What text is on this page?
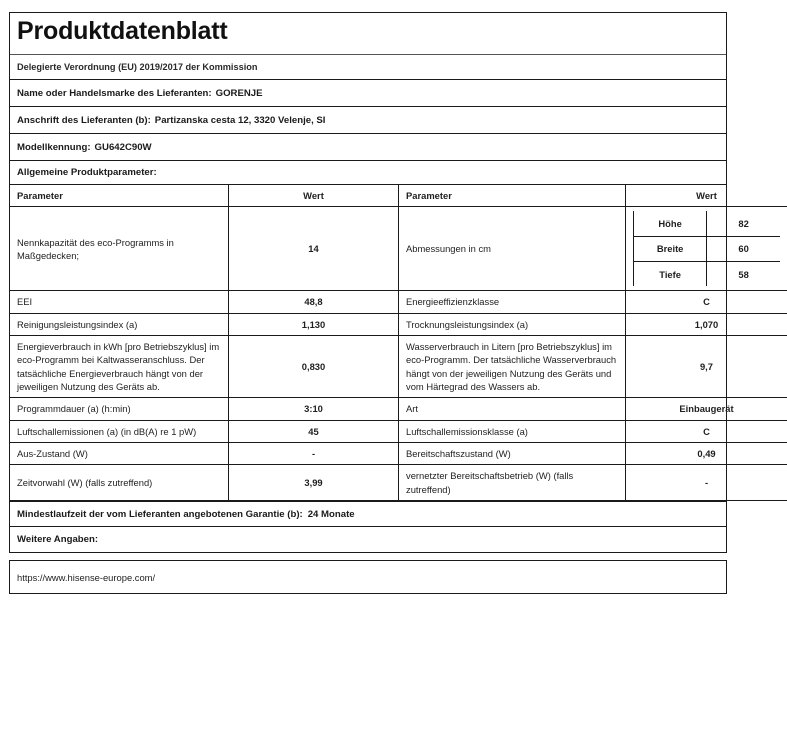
Produktdatenblatt
Delegierte Verordnung (EU) 2019/2017 der Kommission
Name oder Handelsmarke des Lieferanten: GORENJE
Anschrift des Lieferanten (b): Partizanska cesta 12, 3320 Velenje, SI
Modellkennung: GU642C90W
Allgemeine Produktparameter:
Parameter	Wert	Parameter	Wert
Nennkapazität des eco-Programms in Maßgedecken;	14	Abmessungen in cm	
Höhe	82
Breite	60
Tiefe	58

EEI	48,8	Energieeffizienzklasse	C
Reinigungsleistungsindex (a)	1,130	Trocknungsleistungsindex (a)	1,070
Energieverbrauch in kWh [pro Betriebszyklus] im eco-Programm bei Kaltwasseranschluss. Der tatsächliche Energieverbrauch hängt von der jeweiligen Nutzung des Geräts ab.	0,830	Wasserverbrauch in Litern [pro Betriebszyklus] im eco-Programm. Der tatsächliche Wasserverbrauch hängt von der jeweiligen Nutzung des Geräts und vom Härtegrad des Wassers ab.	9,7
Programmdauer (a) (h:min)	3:10	Art	Einbaugerät
Luftschallemissionen (a) (in dB(A) re 1 pW)	45	Luftschallemissionsklasse (a)	C
Aus-Zustand (W)	-	Bereitschaftszustand (W)	0,49
Zeitvorwahl (W) (falls zutreffend)	3,99	vernetzter Bereitschaftsbetrieb (W) (falls zutreffend)	-
Mindestlaufzeit der vom Lieferanten angebotenen Garantie (b): 24 Monate
Weitere Angaben:
https://www.hisense-europe.com/
